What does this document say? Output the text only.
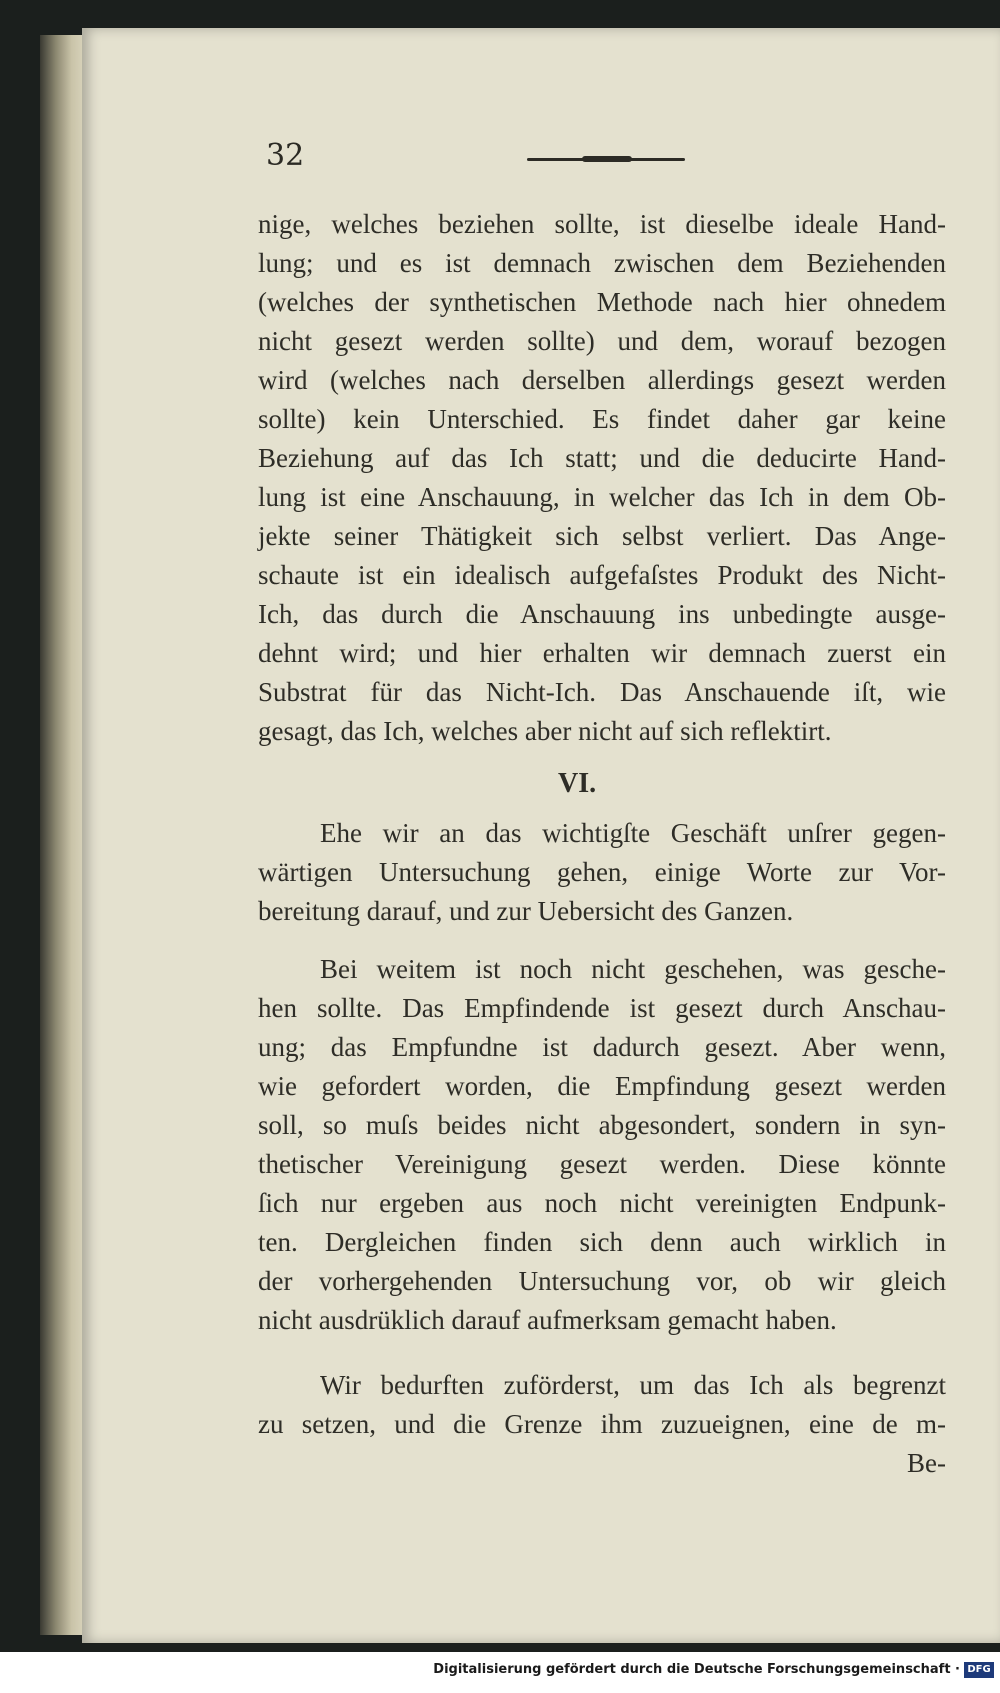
32
nige, welches beziehen sollte, ist dieselbe ideale Hand-
lung; und es ist demnach zwischen dem Beziehenden
(welches der synthetischen Methode nach hier ohnedem
nicht gesezt werden sollte) und dem, worauf bezogen
wird (welches nach derselben allerdings gesezt werden
sollte) kein Unterschied. Es findet daher gar keine
Beziehung auf das Ich statt; und die deducirte Hand-
lung ist eine Anschauung, in welcher das Ich in dem Ob-
jekte seiner Thätigkeit sich selbst verliert. Das Ange-
schaute ist ein idealisch aufgefaſstes Produkt des Nicht-
Ich, das durch die Anschauung ins unbedingte ausge-
dehnt wird; und hier erhalten wir demnach zuerst ein
Substrat für das Nicht-Ich. Das Anschauende iſt, wie
gesagt, das Ich, welches aber nicht auf sich reflektirt.
VI.
Ehe wir an das wichtigſte Geschäft unſrer gegen-
wärtigen Untersuchung gehen, einige Worte zur Vor-
bereitung darauf, und zur Uebersicht des Ganzen.
Bei weitem ist noch nicht geschehen, was gesche-
hen sollte. Das Empfindende ist gesezt durch Anschau-
ung; das Empfundne ist dadurch gesezt. Aber wenn,
wie gefordert worden, die Empfindung gesezt werden
soll, so muſs beides nicht abgesondert, sondern in syn-
thetischer Vereinigung gesezt werden. Diese könnte
ſich nur ergeben aus noch nicht vereinigten Endpunk-
ten. Dergleichen finden sich denn auch wirklich in
der vorhergehenden Untersuchung vor, ob wir gleich
nicht ausdrüklich darauf aufmerksam gemacht haben.
Wir bedurften zuförderst, um das Ich als begrenzt
zu setzen, und die Grenze ihm zuzueignen, eine de m-
Be-
Digitalisierung gefördert durch die Deutsche Forschungsgemeinschaft · DFG
